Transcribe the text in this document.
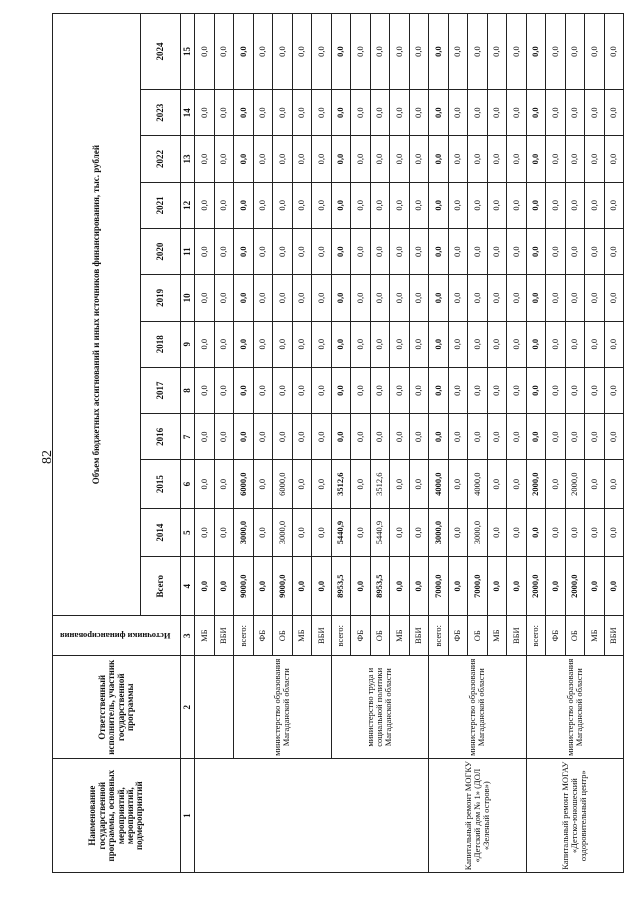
82
Наименование государственной программы, основных мероприятий, мероприятий, подмероприятий	Ответственный исполнитель, участник государственной программы	Источники финансирования	Объем бюджетных ассигнований и иных источников финансирования, тыс. рублей											
			Всего	2014	2015	2016	2017	2018	2019	2020	2021	2022	2023	2024
1	2	3	4	5	6	7	8	9	10	11	12	13	14	15
		МБ	0,0	0,0	0,0	0,0	0,0	0,0	0,0	0,0	0,0	0,0	0,0	0,0
		ВБИ	0,0	0,0	0,0	0,0	0,0	0,0	0,0	0,0	0,0	0,0	0,0	0,0
	министерство образования Магаданской области	всего:	9000,0	3000,0	6000,0	0,0	0,0	0,0	0,0	0,0	0,0	0,0	0,0	0,0
		ФБ	0,0	0,0	0,0	0,0	0,0	0,0	0,0	0,0	0,0	0,0	0,0	0,0
		ОБ	9000,0	3000,0	6000,0	0,0	0,0	0,0	0,0	0,0	0,0	0,0	0,0	0,0
		МБ	0,0	0,0	0,0	0,0	0,0	0,0	0,0	0,0	0,0	0,0	0,0	0,0
		ВБИ	0,0	0,0	0,0	0,0	0,0	0,0	0,0	0,0	0,0	0,0	0,0	0,0
	министерство труда и социальной политики Магаданской области	всего:	8953,5	5440,9	3512,6	0,0	0,0	0,0	0,0	0,0	0,0	0,0	0,0	0,0
		ФБ	0,0	0,0	0,0	0,0	0,0	0,0	0,0	0,0	0,0	0,0	0,0	0,0
		ОБ	8953,5	5440,9	3512,6	0,0	0,0	0,0	0,0	0,0	0,0	0,0	0,0	0,0
		МБ	0,0	0,0	0,0	0,0	0,0	0,0	0,0	0,0	0,0	0,0	0,0	0,0
		ВБИ	0,0	0,0	0,0	0,0	0,0	0,0	0,0	0,0	0,0	0,0	0,0	0,0
Капитальный ремонт МОГКУ «Детский дом № 1» (ДОЛ «Зеленый остров»)	министерство образования Магаданской области	всего:	7000,0	3000,0	4000,0	0,0	0,0	0,0	0,0	0,0	0,0	0,0	0,0	0,0
		ФБ	0,0	0,0	0,0	0,0	0,0	0,0	0,0	0,0	0,0	0,0	0,0	0,0
		ОБ	7000,0	3000,0	4000,0	0,0	0,0	0,0	0,0	0,0	0,0	0,0	0,0	0,0
		МБ	0,0	0,0	0,0	0,0	0,0	0,0	0,0	0,0	0,0	0,0	0,0	0,0
		ВБИ	0,0	0,0	0,0	0,0	0,0	0,0	0,0	0,0	0,0	0,0	0,0	0,0
Капитальный ремонт МОГАУ «Детско-юношеский оздоровительный центр»	министерство образования Магаданской области	всего:	2000,0	0,0	2000,0	0,0	0,0	0,0	0,0	0,0	0,0	0,0	0,0	0,0
		ФБ	0,0	0,0	0,0	0,0	0,0	0,0	0,0	0,0	0,0	0,0	0,0	0,0
		ОБ	2000,0	0,0	2000,0	0,0	0,0	0,0	0,0	0,0	0,0	0,0	0,0	0,0
		МБ	0,0	0,0	0,0	0,0	0,0	0,0	0,0	0,0	0,0	0,0	0,0	0,0
		ВБИ	0,0	0,0	0,0	0,0	0,0	0,0	0,0	0,0	0,0	0,0	0,0	0,0
